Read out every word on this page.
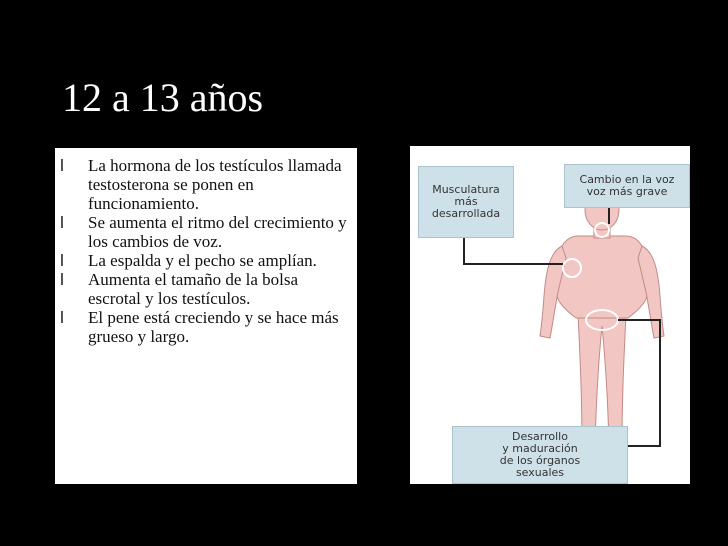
12 a 13 años
l La hormona de los testículos llamada testosterona se ponen en funcionamiento.
l Se aumenta el ritmo del crecimiento y los cambios de voz.
l La espalda y el pecho se amplían.
l Aumenta el tamaño de la bolsa escrotal y los testículos.
l El pene está creciendo y se hace más grueso y largo.
Musculatura
más
desarrollada
Cambio en la voz
voz más grave
Desarrollo
y maduración
de los órganos
sexuales
